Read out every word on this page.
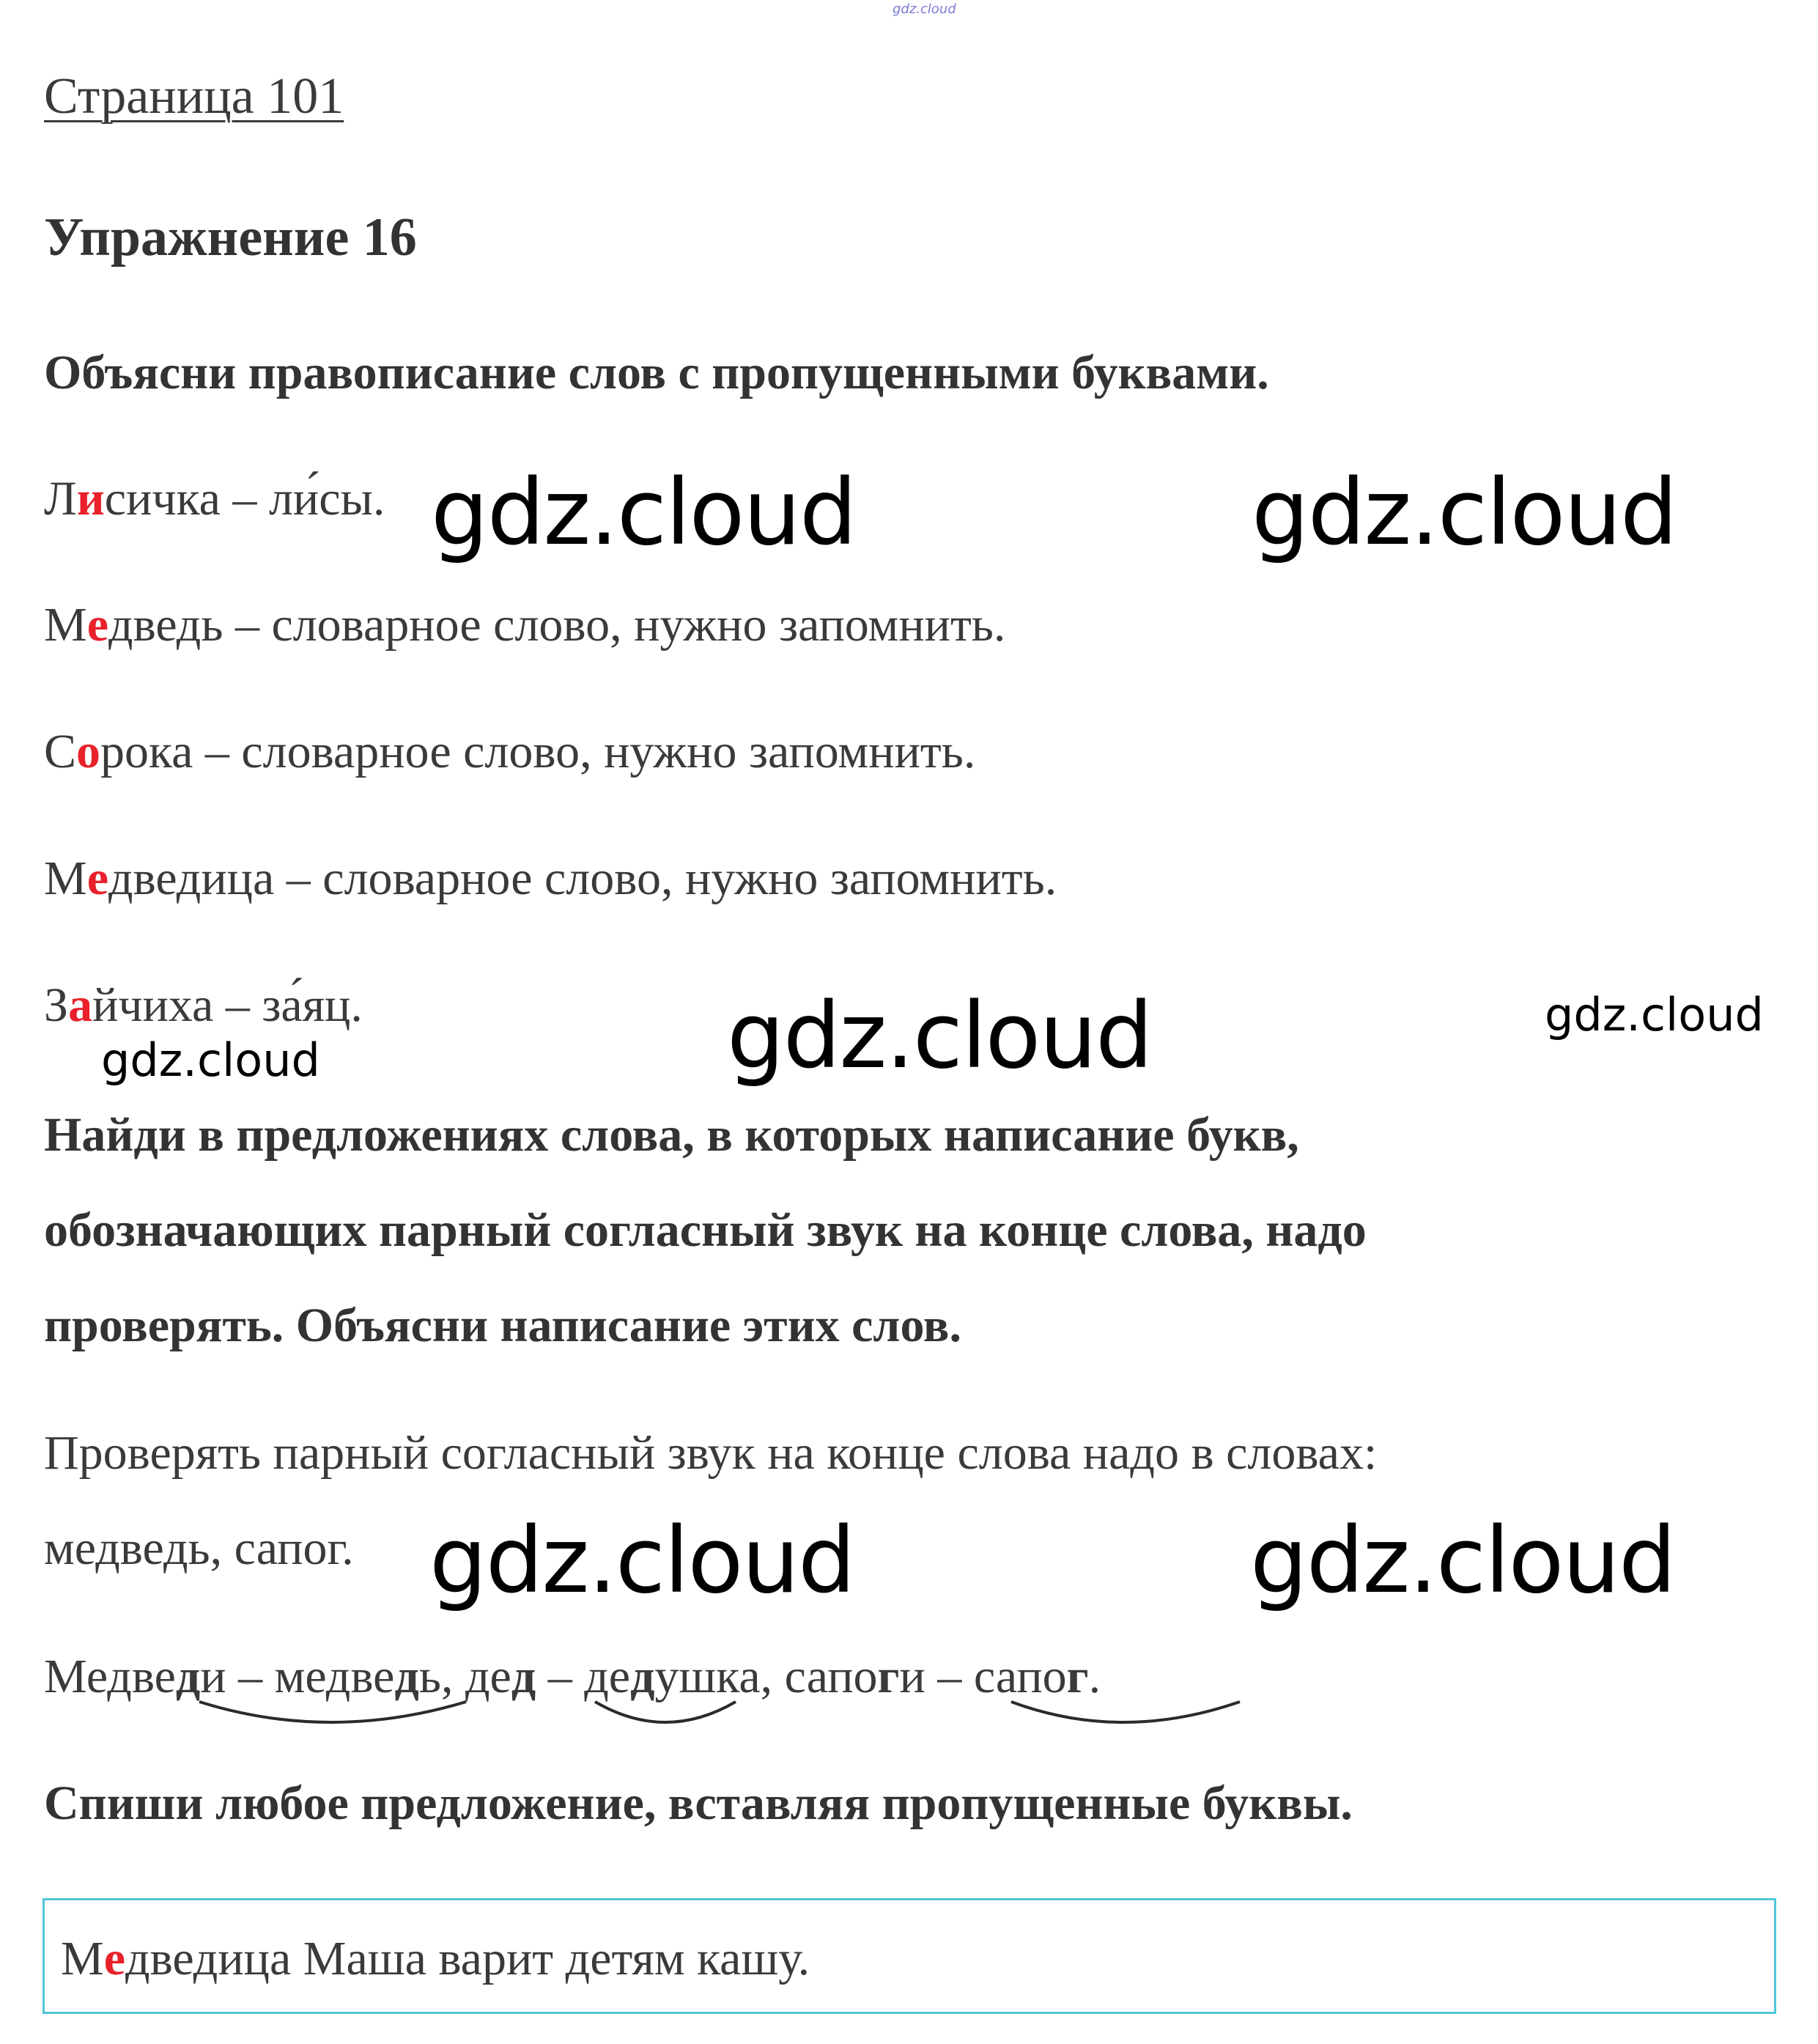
gdz.cloud
Страница 101
Упражнение 16
Объясни правописание слов с пропущенными буквами.
Лисичка – ли́сы.
Медведь – словарное слово, нужно запомнить.
Сорока – словарное слово, нужно запомнить.
Медведица – словарное слово, нужно запомнить.
Зайчиха – за́яц.
Найди в предложениях слова, в которых написание букв,
обозначающих парный согласный звук на конце слова, надо
проверять. Объясни написание этих слов.
Проверять парный согласный звук на конце слова надо в словах:
медведь, сапог.
Медведи – медведь, дед – дедушка, сапоги – сапог.
Спиши любое предложение, вставляя пропущенные буквы.
Медведица Маша варит детям кашу.
gdz.cloud	gdz.cloud
gdz.cloud	gdz.cloud
gdz.cloud
gdz.cloud	gdz.cloud
